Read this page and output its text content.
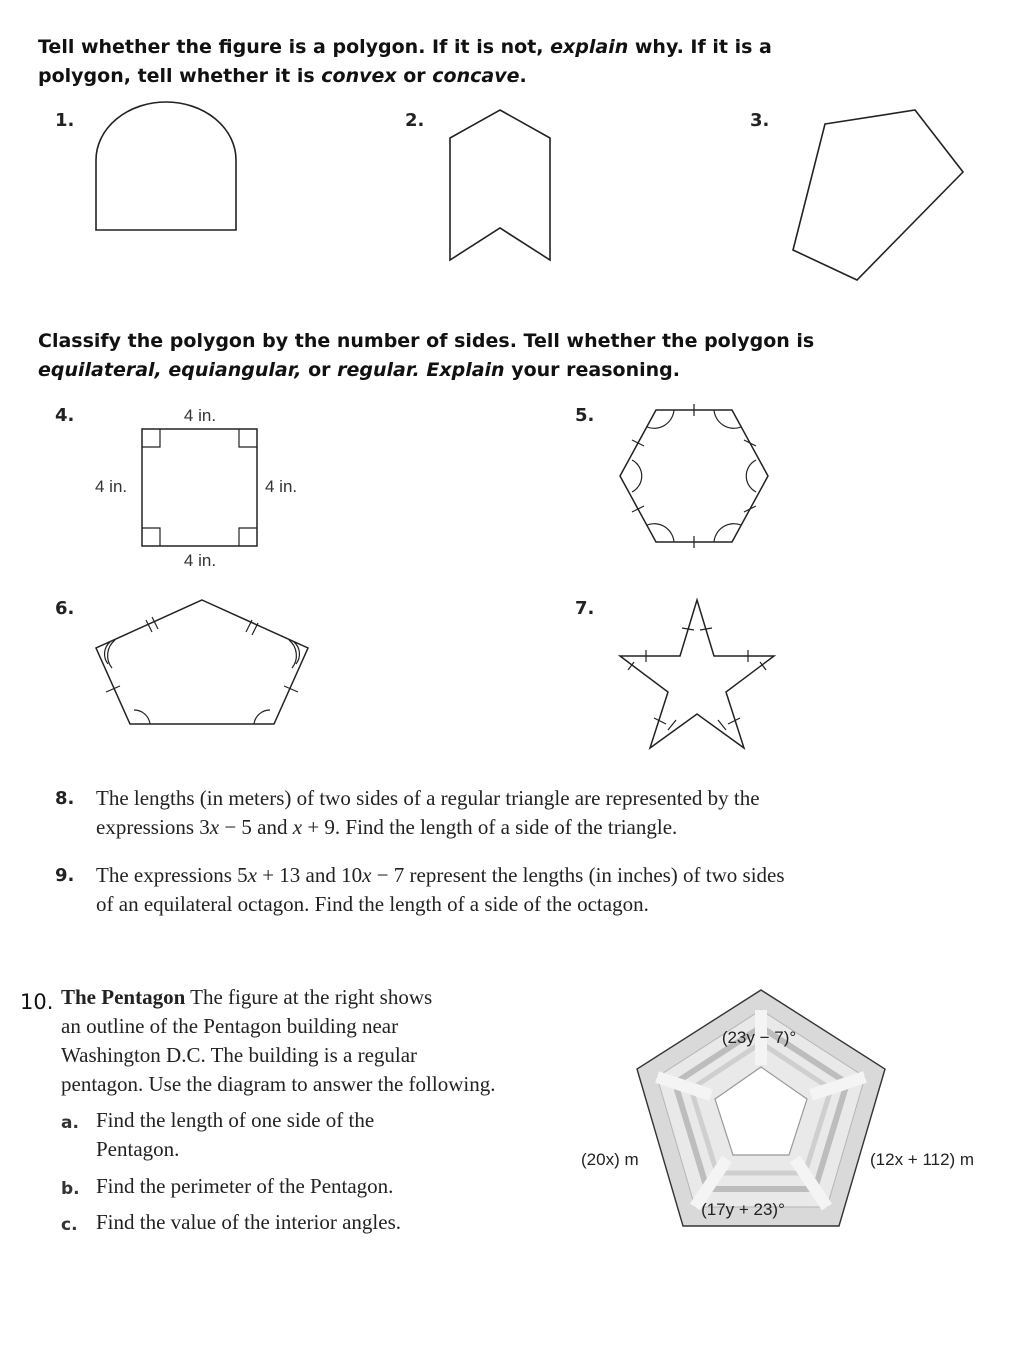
Tell whether the figure is a polygon. If it is not, explain why. If it is a
polygon, tell whether it is convex or concave.
1.	2.	3.
Classify the polygon by the number of sides. Tell whether the polygon is
equilateral, equiangular, or regular. Explain your reasoning.
4.	5.
6.	7.
4 in.
4 in.	4 in.
4 in.
8. The lengths (in meters) of two sides of a regular triangle are represented by the
expressions 3x − 5 and x + 9. Find the length of a side of the triangle.
9. The expressions 5x + 13 and 10x − 7 represent the lengths (in inches) of two sides
of an equilateral octagon. Find the length of a side of the octagon.
10. The Pentagon The figure at the right shows
an outline of the Pentagon building near
Washington D.C. The building is a regular
pentagon. Use the diagram to answer the following.
a. Find the length of one side of the
Pentagon.
b. Find the perimeter of the Pentagon.
c. Find the value of the interior angles.
(23y − 7)°
(17y + 23)°
(20x) m	(12x + 112) m
